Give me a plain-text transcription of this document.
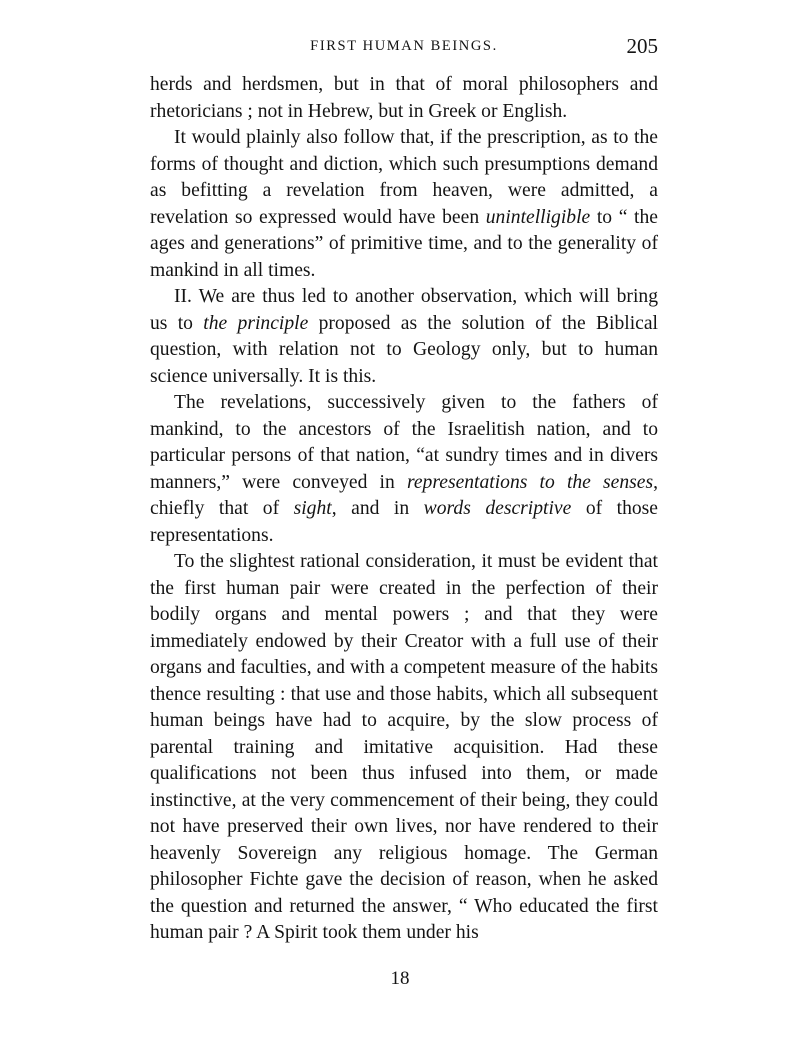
FIRST HUMAN BEINGS.	205

herds and herdsmen, but in that of moral philosophers and rhetoricians ; not in Hebrew, but in Greek or English.

It would plainly also follow that, if the prescription, as to the forms of thought and diction, which such presumptions demand as befitting a revelation from heaven, were admitted, a revelation so expressed would have been unintelligible to “ the ages and generations” of primitive time, and to the generality of mankind in all times.

II. We are thus led to another observation, which will bring us to the principle proposed as the solution of the Biblical question, with relation not to Geology only, but to human science universally. It is this.

The revelations, successively given to the fathers of mankind, to the ancestors of the Israelitish nation, and to particular persons of that nation, “at sundry times and in divers manners,” were conveyed in representations to the senses, chiefly that of sight, and in words descriptive of those representations.

To the slightest rational consideration, it must be evident that the first human pair were created in the perfection of their bodily organs and mental powers ; and that they were immediately endowed by their Creator with a full use of their organs and faculties, and with a competent measure of the habits thence resulting : that use and those habits, which all subsequent human beings have had to acquire, by the slow process of parental training and imitative acquisition. Had these qualifications not been thus infused into them, or made instinctive, at the very commencement of their being, they could not have preserved their own lives, nor have rendered to their heavenly Sovereign any religious homage. The German philosopher Fichte gave the decision of reason, when he asked the question and returned the answer, “ Who educated the first human pair ? A Spirit took them under his

18
